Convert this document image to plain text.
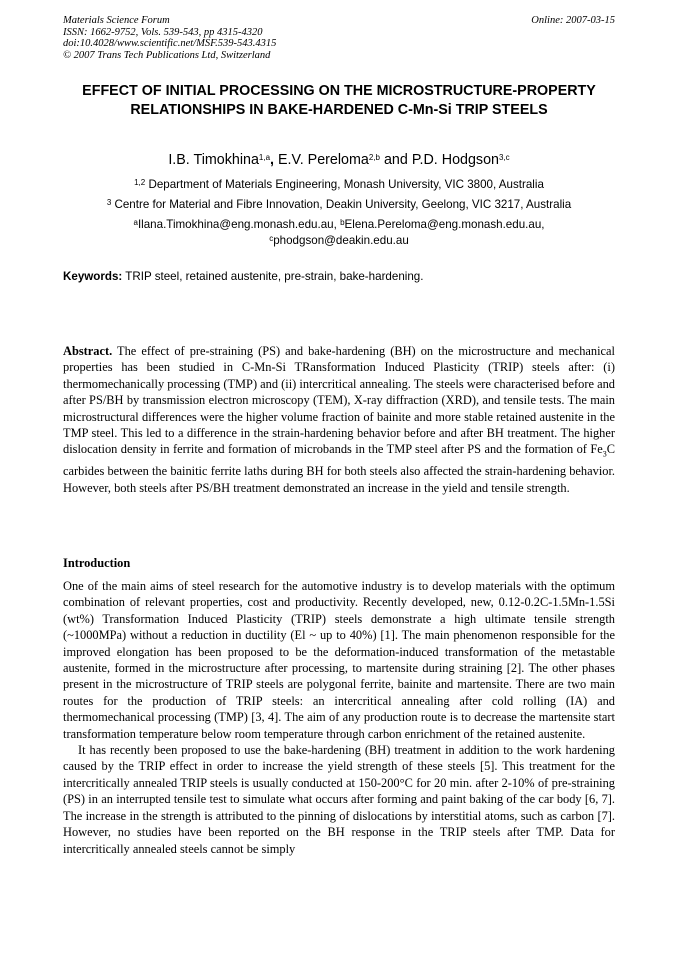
Materials Science Forum
ISSN: 1662-9752, Vols. 539-543, pp 4315-4320
doi:10.4028/www.scientific.net/MSF.539-543.4315
© 2007 Trans Tech Publications Ltd, Switzerland
Online: 2007-03-15
EFFECT OF INITIAL PROCESSING ON THE MICROSTRUCTURE-PROPERTY RELATIONSHIPS IN BAKE-HARDENED C-Mn-Si TRIP STEELS
I.B. Timokhina$^{1,a}$, E.V. Pereloma$^{2,b}$ and P.D. Hodgson$^{3,c}$
$^{1,2}$ Department of Materials Engineering, Monash University, VIC 3800, Australia
$^3$ Centre for Material and Fibre Innovation, Deakin University, Geelong, VIC 3217, Australia
$^a$Ilana.Timokhina@eng.monash.edu.au, $^b$Elena.Pereloma@eng.monash.edu.au,
$^c$phodgson@deakin.edu.au
Keywords: TRIP steel, retained austenite, pre-strain, bake-hardening.
Abstract. The effect of pre-straining (PS) and bake-hardening (BH) on the microstructure and mechanical properties has been studied in C-Mn-Si TRansformation Induced Plasticity (TRIP) steels after: (i) thermomechanically processing (TMP) and (ii) intercritical annealing. The steels were characterised before and after PS/BH by transmission electron microscopy (TEM), X-ray diffraction (XRD), and tensile tests. The main microstructural differences were the higher volume fraction of bainite and more stable retained austenite in the TMP steel. This led to a difference in the strain-hardening behavior before and after BH treatment. The higher dislocation density in ferrite and formation of microbands in the TMP steel after PS and the formation of $Fe_3C$ carbides between the bainitic ferrite laths during BH for both steels also affected the strain-hardening behavior. However, both steels after PS/BH treatment demonstrated an increase in the yield and tensile strength.
Introduction

One of the main aims of steel research for the automotive industry is to develop materials with the optimum combination of relevant properties, cost and productivity. Recently developed, new, 0.12-0.2C-1.5Mn-1.5Si (wt%) Transformation Induced Plasticity (TRIP) steels demonstrate a high ultimate tensile strength (~1000MPa) without a reduction in ductility (El ~ up to 40%) [1]. The main phenomenon responsible for the improved elongation has been proposed to be the deformation-induced transformation of the metastable austenite, formed in the microstructure after processing, to martensite during straining [2]. The other phases present in the microstructure of TRIP steels are polygonal ferrite, bainite and martensite. There are two main routes for the production of TRIP steels: an intercritical annealing after cold rolling (IA) and thermomechanical processing (TMP) [3, 4]. The aim of any production route is to decrease the martensite start transformation temperature below room temperature through carbon enrichment of the retained austenite.

It has recently been proposed to use the bake-hardening (BH) treatment in addition to the work hardening caused by the TRIP effect in order to increase the yield strength of these steels [5]. This treatment for the intercritically annealed TRIP steels is usually conducted at 150-200°C for 20 min. after 2-10% of pre-straining (PS) in an interrupted tensile test to simulate what occurs after forming and paint baking of the car body [6, 7]. The increase in the strength is attributed to the pinning of dislocations by interstitial atoms, such as carbon [7]. However, no studies have been reported on the BH response in the TRIP steels after TMP. Data for intercritically annealed steels cannot be simply
